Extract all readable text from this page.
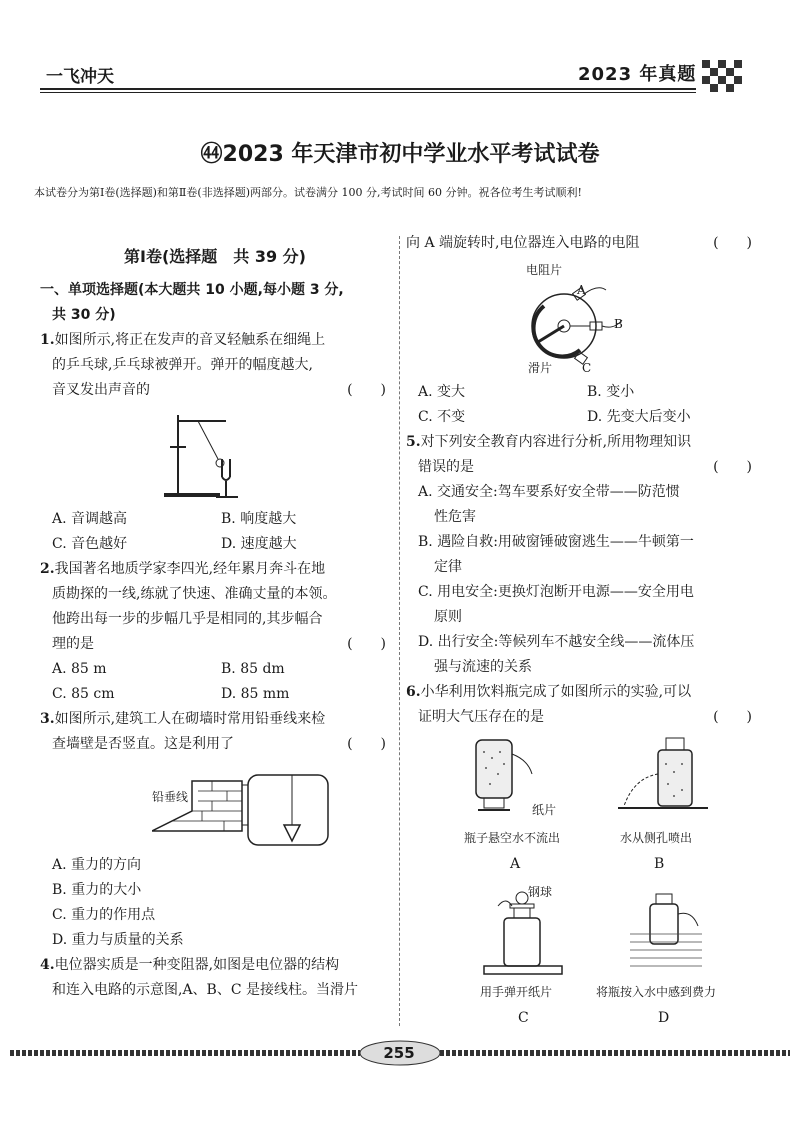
一飞冲天	2023 年真题
㊹2023 年天津市初中学业水平考试试卷
本试卷分为第Ⅰ卷(选择题)和第Ⅱ卷(非选择题)两部分。试卷满分 100 分,考试时间 60 分钟。祝各位考生考试顺利!
第Ⅰ卷(选择题　共 39 分)
一、单项选择题(本大题共 10 小题,每小题 3 分,
共 30 分)
1.如图所示,将正在发声的音叉轻触系在细绳上
的乒乓球,乒乓球被弹开。弹开的幅度越大,
音叉发出声音的	(　　)
A. 音调越高	B. 响度越大
C. 音色越好	D. 速度越大
2.我国著名地质学家李四光,经年累月奔斗在地
质勘探的一线,练就了快速、准确丈量的本领。
他跨出每一步的步幅几乎是相同的,其步幅合
理的是	(　　)
A. 85 m	B. 85 dm
C. 85 cm	D. 85 mm
3.如图所示,建筑工人在砌墙时常用铅垂线来检
查墙壁是否竖直。这是利用了	(　　)
铅垂线
A. 重力的方向
B. 重力的大小
C. 重力的作用点
D. 重力与质量的关系
4.电位器实质是一种变阻器,如图是电位器的结构
和连入电路的示意图,A、B、C 是接线柱。当滑片
向 A 端旋转时,电位器连入电路的电阻	(　　)
电阻片
滑片
A
B
C
A. 变大	B. 变小
C. 不变	D. 先变大后变小
5.对下列安全教育内容进行分析,所用物理知识
错误的是	(　　)
A. 交通安全:驾车要系好安全带——防范惯
性危害
B. 遇险自救:用破窗锤破窗逃生——牛顿第一
定律
C. 用电安全:更换灯泡断开电源——安全用电
原则
D. 出行安全:等候列车不越安全线——流体压
强与流速的关系
6.小华利用饮料瓶完成了如图所示的实验,可以
证明大气压存在的是	(　　)
纸片
瓶子悬空水不流出
A
水从侧孔喷出
B
钢球
用手弹开纸片
C
将瓶按入水中感到费力
D
255
